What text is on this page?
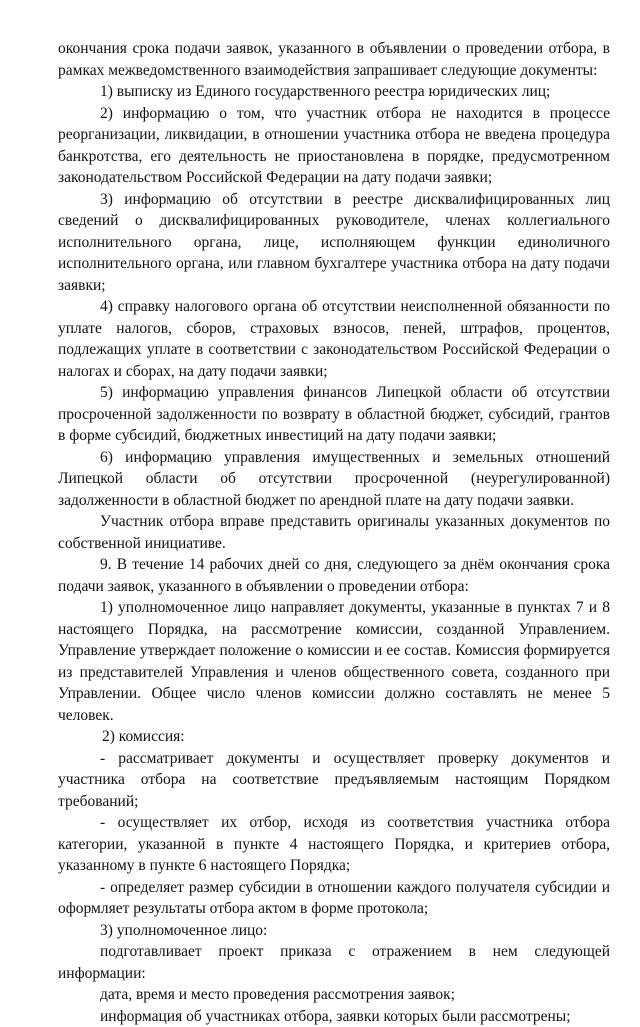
окончания срока подачи заявок, указанного в объявлении о проведении отбора, в рамках межведомственного взаимодействия запрашивает следующие документы:

1) выписку из Единого государственного реестра юридических лиц;

2) информацию о том, что участник отбора не находится в процессе реорганизации, ликвидации, в отношении участника отбора не введена процедура банкротства, его деятельность не приостановлена в порядке, предусмотренном законодательством Российской Федерации на дату подачи заявки;

3) информацию об отсутствии в реестре дисквалифицированных лиц сведений о дисквалифицированных руководителе, членах коллегиального исполнительного органа, лице, исполняющем функции единоличного исполнительного органа, или главном бухгалтере участника отбора на дату подачи заявки;

4) справку налогового органа об отсутствии неисполненной обязанности по уплате налогов, сборов, страховых взносов, пеней, штрафов, процентов, подлежащих уплате в соответствии с законодательством Российской Федерации о налогах и сборах, на дату подачи заявки;

5) информацию управления финансов Липецкой области об отсутствии просроченной задолженности по возврату в областной бюджет, субсидий, грантов в форме субсидий, бюджетных инвестиций на дату подачи заявки;

6) информацию управления имущественных и земельных отношений Липецкой области об отсутствии просроченной (неурегулированной) задолженности в областной бюджет по арендной плате на дату подачи заявки.

Участник отбора вправе представить оригиналы указанных документов по собственной инициативе.

9. В течение 14 рабочих дней со дня, следующего за днём окончания срока подачи заявок, указанного в объявлении о проведении отбора:

1) уполномоченное лицо направляет документы, указанные в пунктах 7 и 8 настоящего Порядка, на рассмотрение комиссии, созданной Управлением. Управление утверждает положение о комиссии и ее состав. Комиссия формируется из представителей Управления и членов общественного совета, созданного при Управлении. Общее число членов комиссии должно составлять не менее 5 человек.

2) комиссия:

- рассматривает документы и осуществляет проверку документов и участника отбора на соответствие предъявляемым настоящим Порядком требований;

- осуществляет их отбор, исходя из соответствия участника отбора категории, указанной в пункте 4 настоящего Порядка, и критериев отбора, указанному в пункте 6 настоящего Порядка;

- определяет размер субсидии в отношении каждого получателя субсидии и оформляет результаты отбора актом в форме протокола;

3) уполномоченное лицо:

подготавливает проект приказа с отражением в нем следующей информации:

дата, время и место проведения рассмотрения заявок;

информация об участниках отбора, заявки которых были рассмотрены;
